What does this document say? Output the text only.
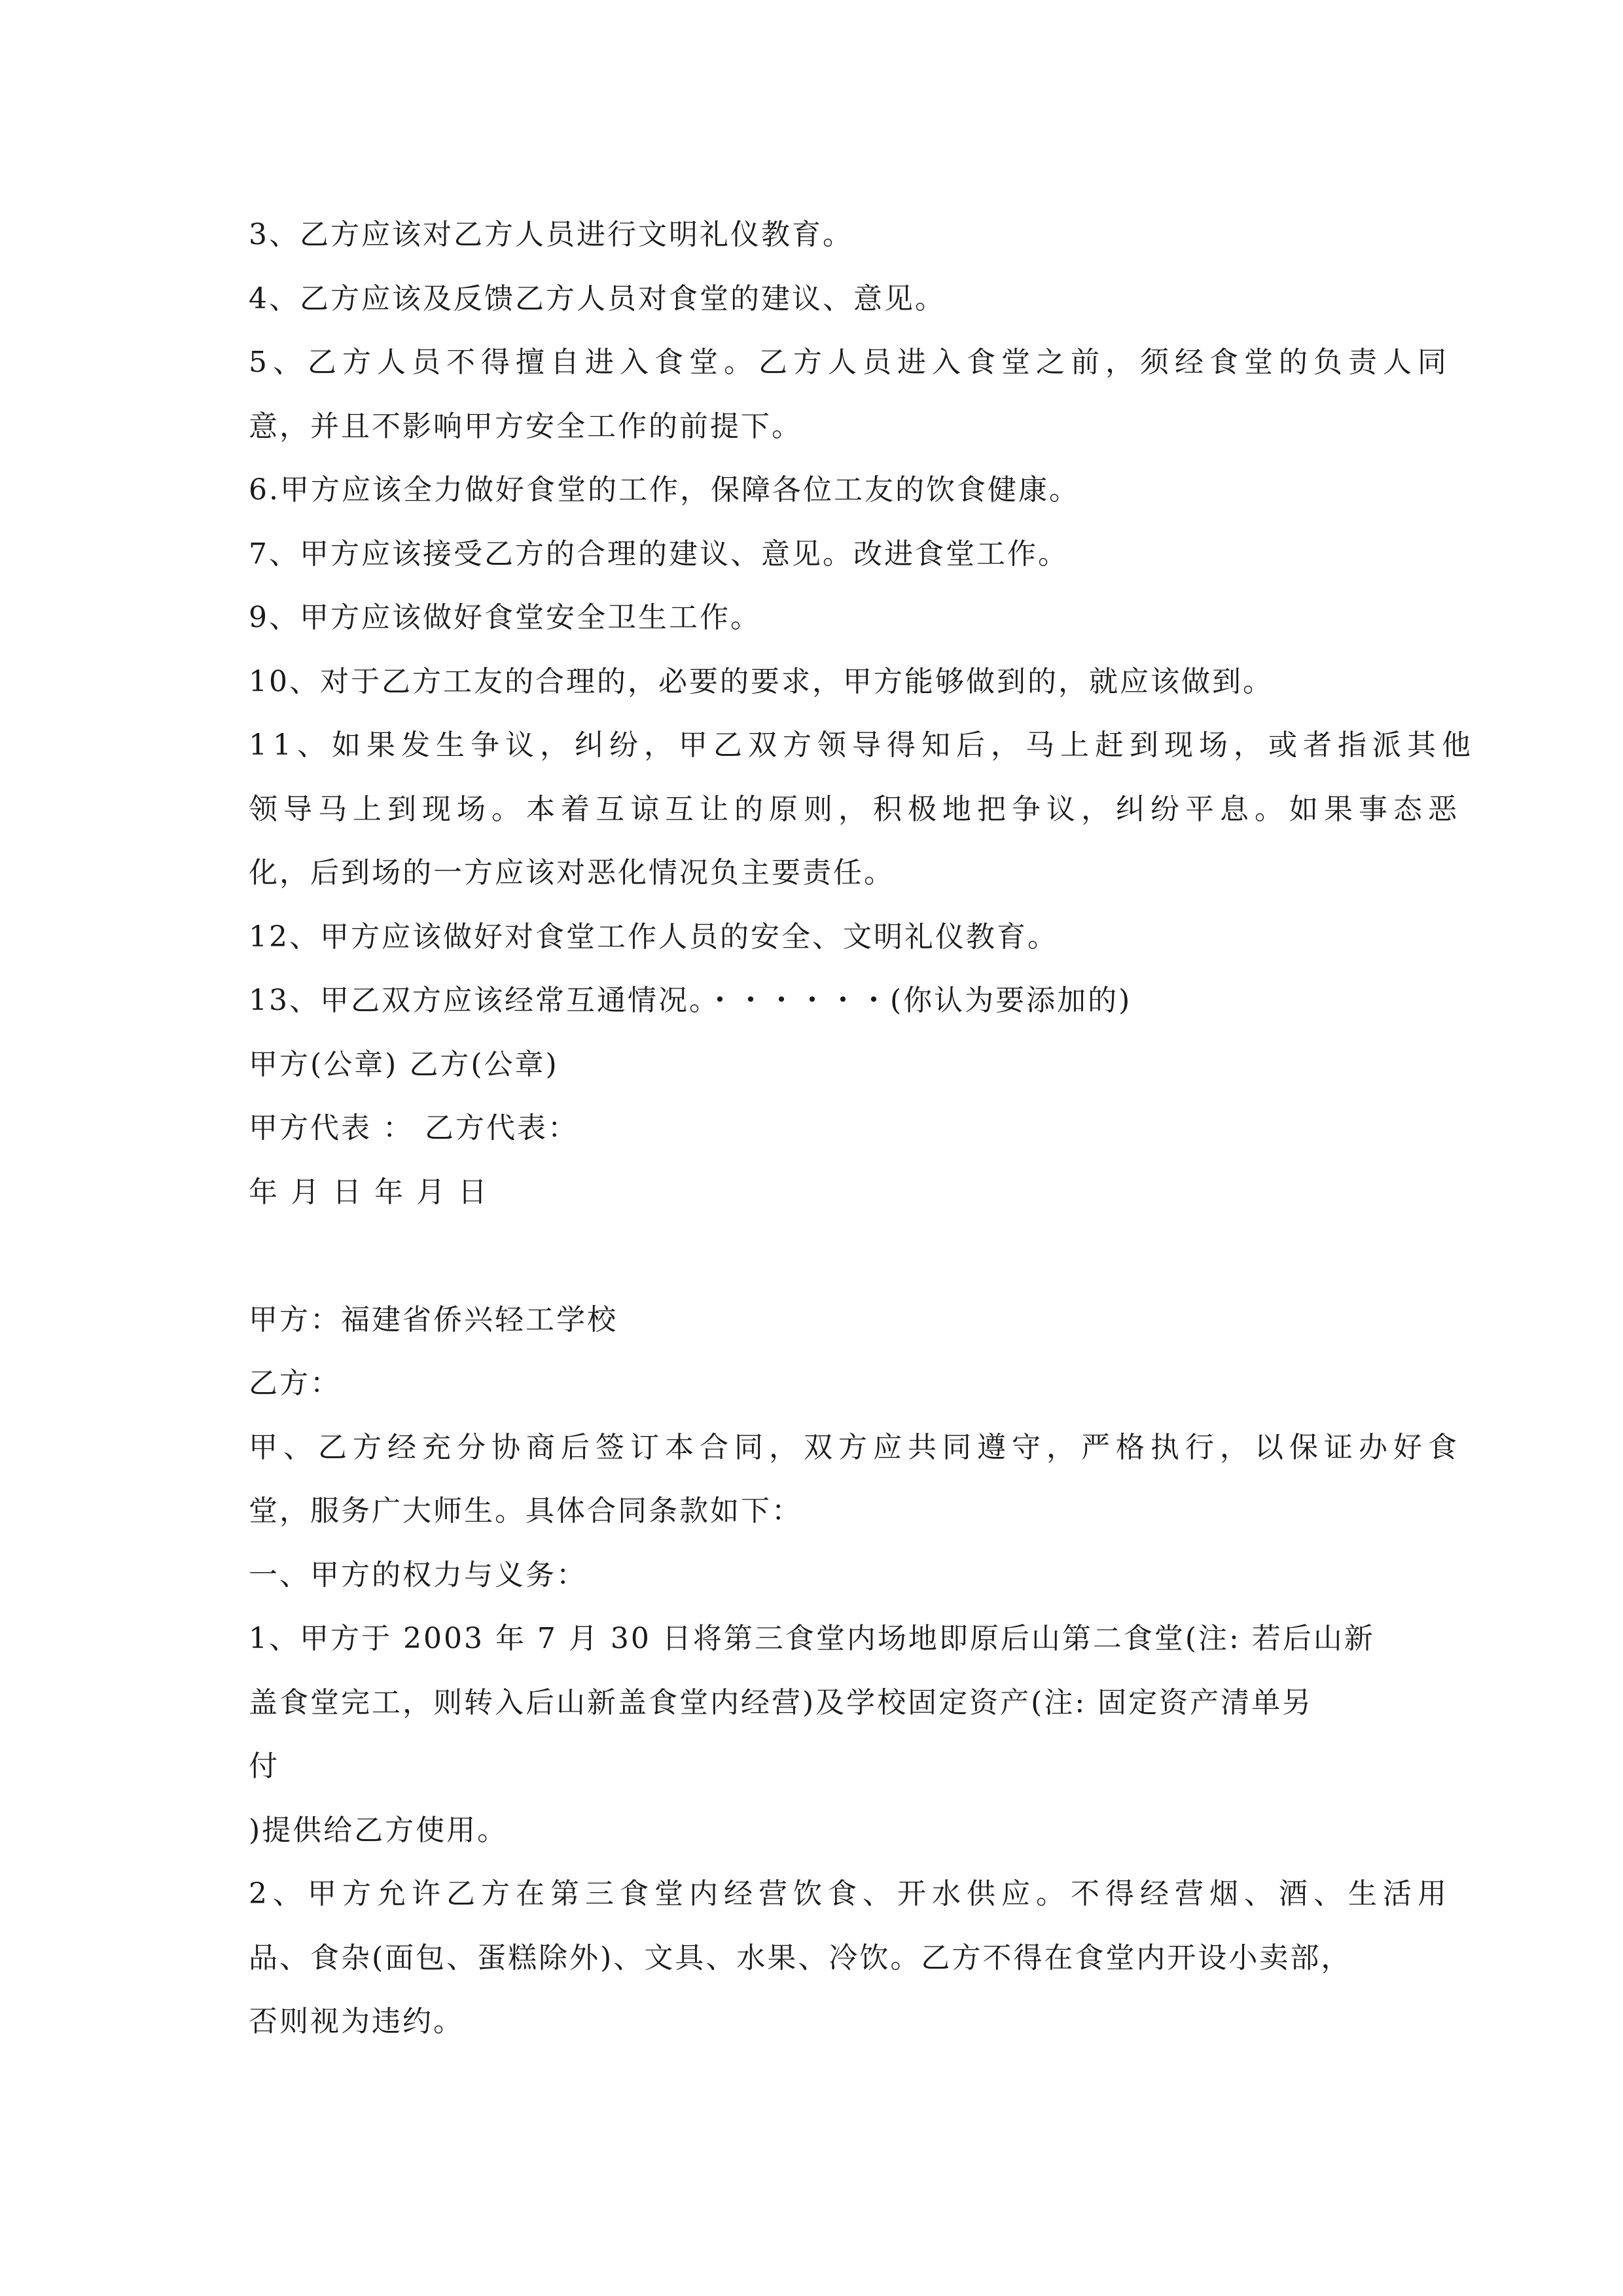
3、乙方应该对乙方人员进行文明礼仪教育。
4、乙方应该及反馈乙方人员对食堂的建议、意见。
5、乙方人员不得擅自进入食堂。乙方人员进入食堂之前，须经食堂的负责人同
意，并且不影响甲方安全工作的前提下。
6.甲方应该全力做好食堂的工作，保障各位工友的饮食健康。
7、甲方应该接受乙方的合理的建议、意见。改进食堂工作。
9、甲方应该做好食堂安全卫生工作。
10、对于乙方工友的合理的，必要的要求，甲方能够做到的，就应该做到。
11、如果发生争议，纠纷，甲乙双方领导得知后，马上赶到现场，或者指派其他
领导马上到现场。本着互谅互让的原则，积极地把争议，纠纷平息。如果事态恶
化，后到场的一方应该对恶化情况负主要责任。
12、甲方应该做好对食堂工作人员的安全、文明礼仪教育。
13、甲乙双方应该经常互通情况。・・・・・・(你认为要添加的)
甲方(公章) 乙方(公章)
甲方代表 ： 乙方代表：
年 月 日 年 月 日
甲方：福建省侨兴轻工学校
乙方：
甲、乙方经充分协商后签订本合同，双方应共同遵守，严格执行，以保证办好食
堂，服务广大师生。具体合同条款如下：
一、甲方的权力与义务：
1、甲方于 2003 年 7 月 30 日将第三食堂内场地即原后山第二食堂(注: 若后山新
盖食堂完工，则转入后山新盖食堂内经营)及学校固定资产(注: 固定资产清单另
付
)提供给乙方使用。
2、甲方允许乙方在第三食堂内经营饮食、开水供应。不得经营烟、酒、生活用
品、食杂(面包、蛋糕除外)、文具、水果、冷饮。乙方不得在食堂内开设小卖部，
否则视为违约。
